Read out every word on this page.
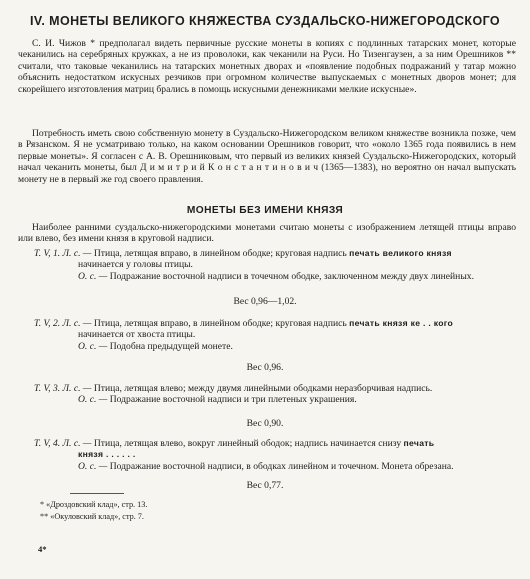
IV. МОНЕТЫ ВЕЛИКОГО КНЯЖЕСТВА СУЗДАЛЬСКО-НИЖЕГОРОДСКОГО

С. И. Чижов * предполагал видеть первичные русские монеты в копиях с подлинных татарских монет, которые чеканились на серебряных кружках, а не из проволоки, как чеканили на Руси. Но Тизенгаузен, а за ним Орешников ** считали, что таковые чеканились на татарских монетных дворах и «появление подобных подражаний у татар можно объяснить недостатком искусных резчиков при огромном количестве выпускаемых с монетных дворов монет; для скорейшего изготовления матриц брались в помощь искусными денежниками мелкие искусные».

Потребность иметь свою собственную монету в Суздальско-Нижегородском великом княжестве возникла позже, чем в Рязанском. Я не усматриваю только, на каком основании Орешников говорит, что «около 1365 года появились в нем первые монеты». Я согласен с А. В. Орешниковым, что первый из великих князей Суздальско-Нижегородских, который начал чеканить монеты, был Д и м и т р и й К о н с т а н т и н о в и ч (1365—1383), но вероятно он начал выпускать монету не в первый же год своего правления.

МОНЕТЫ БЕЗ ИМЕНИ КНЯЗЯ

Наиболее ранними суздальско-нижегородскими монетами считаю монеты с изображением летящей птицы вправо или влево, без имени князя в круговой надписи.

Т. V, 1. Л. с. — Птица, летящая вправо, в линейном ободке; круговая надпись печать великого князя
начинается у головы птицы.
О. с. — Подражание восточной надписи в точечном ободке, заключенном между двух линейных.
Вес 0,96—1,02.
Т. V, 2. Л. с. — Птица, летящая вправо, в линейном ободке; круговая надпись печать князя ке . . кого
начинается от хвоста птицы.
О. с. — Подобна предыдущей монете.
Вес 0,96.
Т. V, 3. Л. с. — Птица, летящая влево; между двумя линейными ободками неразборчивая надпись.
О. с. — Подражание восточной надписи и три плетеных украшения.
Вес 0,90.
Т. V, 4. Л. с. — Птица, летящая влево, вокруг линейный ободок; надпись начинается снизу печать
князя . . . . . .
О. с. — Подражание восточной надписи, в ободках линейном и точечном. Монета обрезана.
Вес 0,77.
* «Дроздовский клад», стр. 13.
** «Окуловский клад», стр. 7.
4*
